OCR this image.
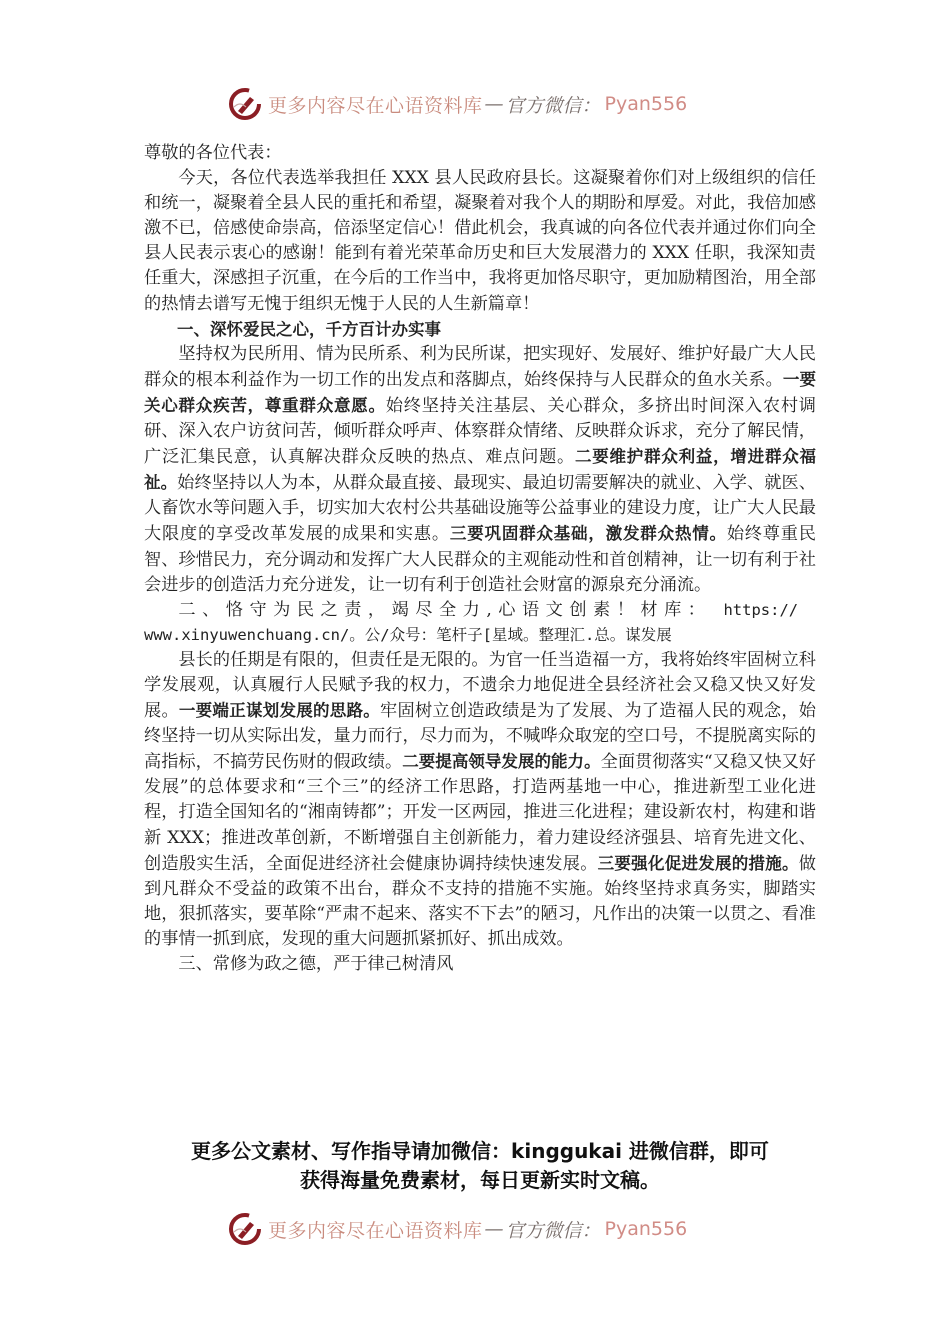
更多内容尽在心语资料库 — 官方微信： Pyan556

尊敬的各位代表：

今天，各位代表选举我担任 XXX 县人民政府县长。这凝聚着你们对上级组织的信任和统一，凝聚着全县人民的重托和希望，凝聚着对我个人的期盼和厚爱。对此，我倍加感激不已，倍感使命崇高，倍添坚定信心！借此机会，我真诚的向各位代表并通过你们向全县人民表示衷心的感谢！能到有着光荣革命历史和巨大发展潜力的 XXX 任职，我深知责任重大，深感担子沉重，在今后的工作当中，我将更加恪尽职守，更加励精图治，用全部的热情去谱写无愧于组织无愧于人民的人生新篇章！

一、深怀爱民之心，千方百计办实事

坚持权为民所用、情为民所系、利为民所谋，把实现好、发展好、维护好最广大人民群众的根本利益作为一切工作的出发点和落脚点，始终保持与人民群众的鱼水关系。一要关心群众疾苦，尊重群众意愿。始终坚持关注基层、关心群众，多挤出时间深入农村调研、深入农户访贫问苦，倾听群众呼声、体察群众情绪、反映群众诉求，充分了解民情，广泛汇集民意，认真解决群众反映的热点、难点问题。二要维护群众利益，增进群众福祉。始终坚持以人为本，从群众最直接、最现实、最迫切需要解决的就业、入学、就医、人畜饮水等问题入手，切实加大农村公共基础设施等公益事业的建设力度，让广大人民最大限度的享受改革发展的成果和实惠。三要巩固群众基础，激发群众热情。始终尊重民智、珍惜民力，充分调动和发挥广大人民群众的主观能动性和首创精神，让一切有利于社会进步的创造活力充分迸发，让一切有利于创造社会财富的源泉充分涌流。

二、恪守为民之责，竭尽全力,心语文创素！材库： https://

www.xinyuwenchuang.cn/。公/众号：笔杆子[星域。整理汇.总。谋发展

县长的任期是有限的，但责任是无限的。为官一任当造福一方，我将始终牢固树立科学发展观，认真履行人民赋予我的权力，不遗余力地促进全县经济社会又稳又快又好发展。一要端正谋划发展的思路。牢固树立创造政绩是为了发展、为了造福人民的观念，始终坚持一切从实际出发，量力而行，尽力而为，不喊哗众取宠的空口号，不提脱离实际的高指标，不搞劳民伤财的假政绩。二要提高领导发展的能力。全面贯彻落实“又稳又快又好发展”的总体要求和“三个三”的经济工作思路，打造两基地一中心，推进新型工业化进程，打造全国知名的“湘南铸都”；开发一区两园，推进三化进程；建设新农村，构建和谐新 XXX；推进改革创新，不断增强自主创新能力，着力建设经济强县、培育先进文化、创造殷实生活，全面促进经济社会健康协调持续快速发展。三要强化促进发展的措施。做到凡群众不受益的政策不出台，群众不支持的措施不实施。始终坚持求真务实，脚踏实地，狠抓落实，要革除“严肃不起来、落实不下去”的陋习，凡作出的决策一以贯之、看准的事情一抓到底，发现的重大问题抓紧抓好、抓出成效。

三、常修为政之德，严于律己树清风

更多公文素材、写作指导请加微信：kinggukai 进微信群，即可
获得海量免费素材，每日更新实时文稿。
更多内容尽在心语资料库 — 官方微信： Pyan556
